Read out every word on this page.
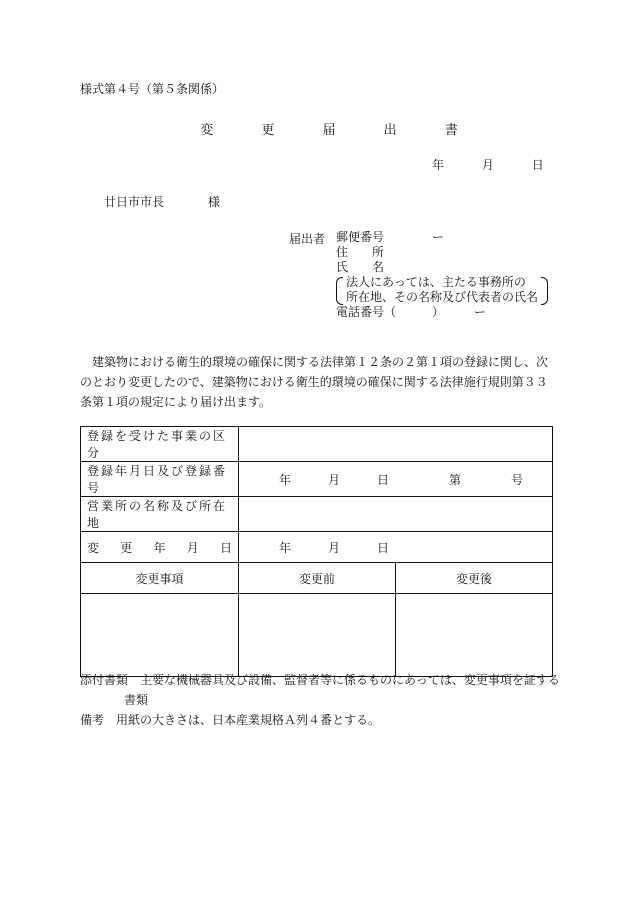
様式第４号（第５条関係）
変 更 届 出 書
年	月	日
廿日市市長	様
届出者 郵便番号　　　　ー
住　　所
氏　　名
法人にあっては、主たる事務所の
所在地、その名称及び代表者の氏名
電話番号（　　　）　　　ー
建築物における衛生的環境の確保に関する法律第１２条の２第１項の登録に関し、次のとおり変更したので、建築物における衛生的環境の確保に関する法律施行規則第３３条第１項の規定により届け出ます。
登録を受けた事業の区分		
登録年月日及び登録番号	年 月 日 第 号	

営業所の名称及び所在地		

変 更 年 月 日	年 月 日	

変更事項	変更前	変更後

添付書類　主要な機械器具及び設備、監督者等に係るものにあっては、変更事項を証する
書類
備考　用紙の大きさは、日本産業規格Ａ列４番とする。
